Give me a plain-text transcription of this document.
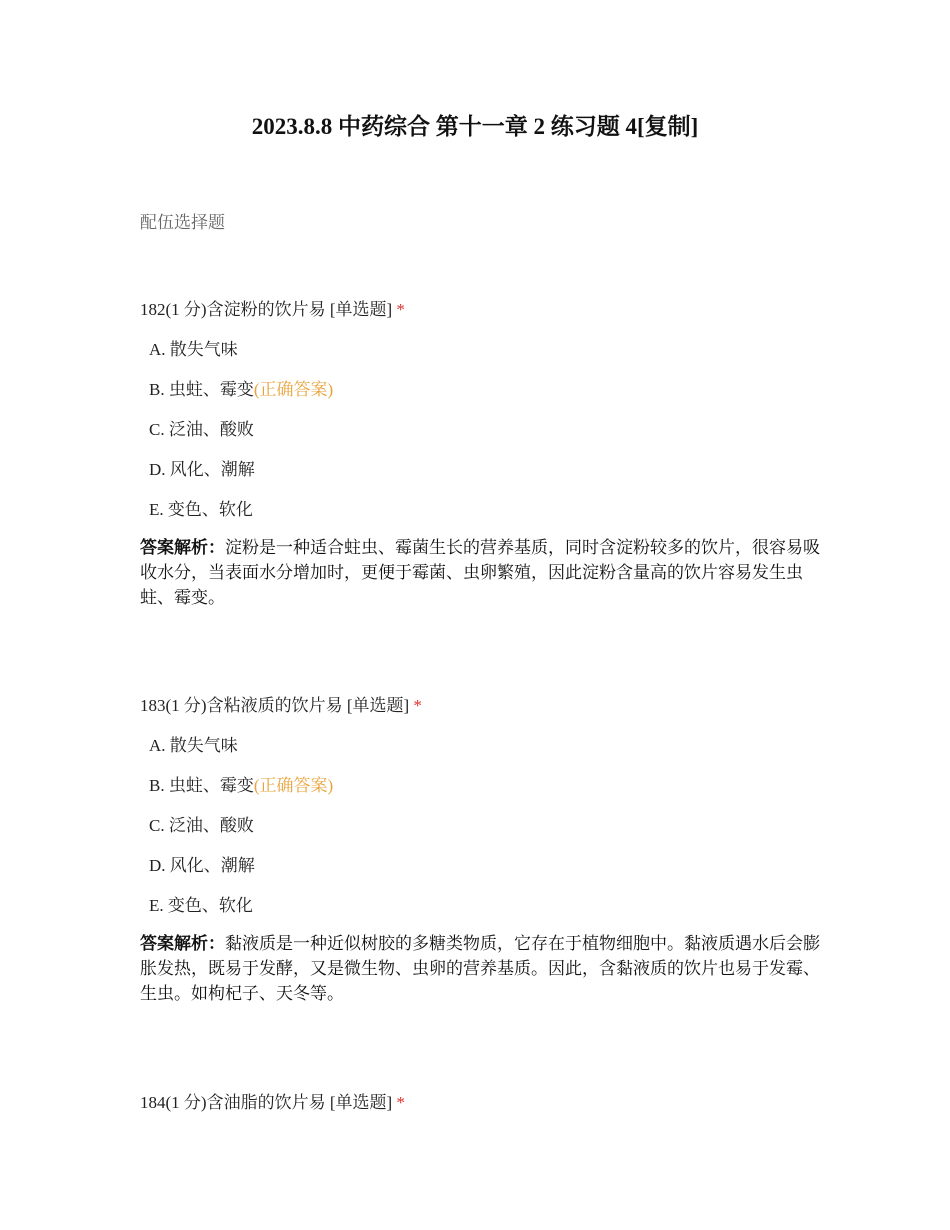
2023.8.8 中药综合 第十一章 2 练习题 4[复制]
配伍选择题

182(1 分)含淀粉的饮片易 [单选题] *

A. 散失气味
B. 虫蛀、霉变(正确答案)
C. 泛油、酸败
D. 风化、潮解
E. 变色、软化

答案解析：淀粉是一种适合蛀虫、霉菌生长的营养基质，同时含淀粉较多的饮片，很容易吸收水分，当表面水分增加时，更便于霉菌、虫卵繁殖，因此淀粉含量高的饮片容易发生虫蛀、霉变。

183(1 分)含粘液质的饮片易 [单选题] *

A. 散失气味
B. 虫蛀、霉变(正确答案)
C. 泛油、酸败
D. 风化、潮解
E. 变色、软化

答案解析：黏液质是一种近似树胶的多糖类物质，它存在于植物细胞中。黏液质遇水后会膨胀发热，既易于发酵，又是微生物、虫卵的营养基质。因此，含黏液质的饮片也易于发霉、生虫。如枸杞子、天冬等。

184(1 分)含油脂的饮片易 [单选题] *
